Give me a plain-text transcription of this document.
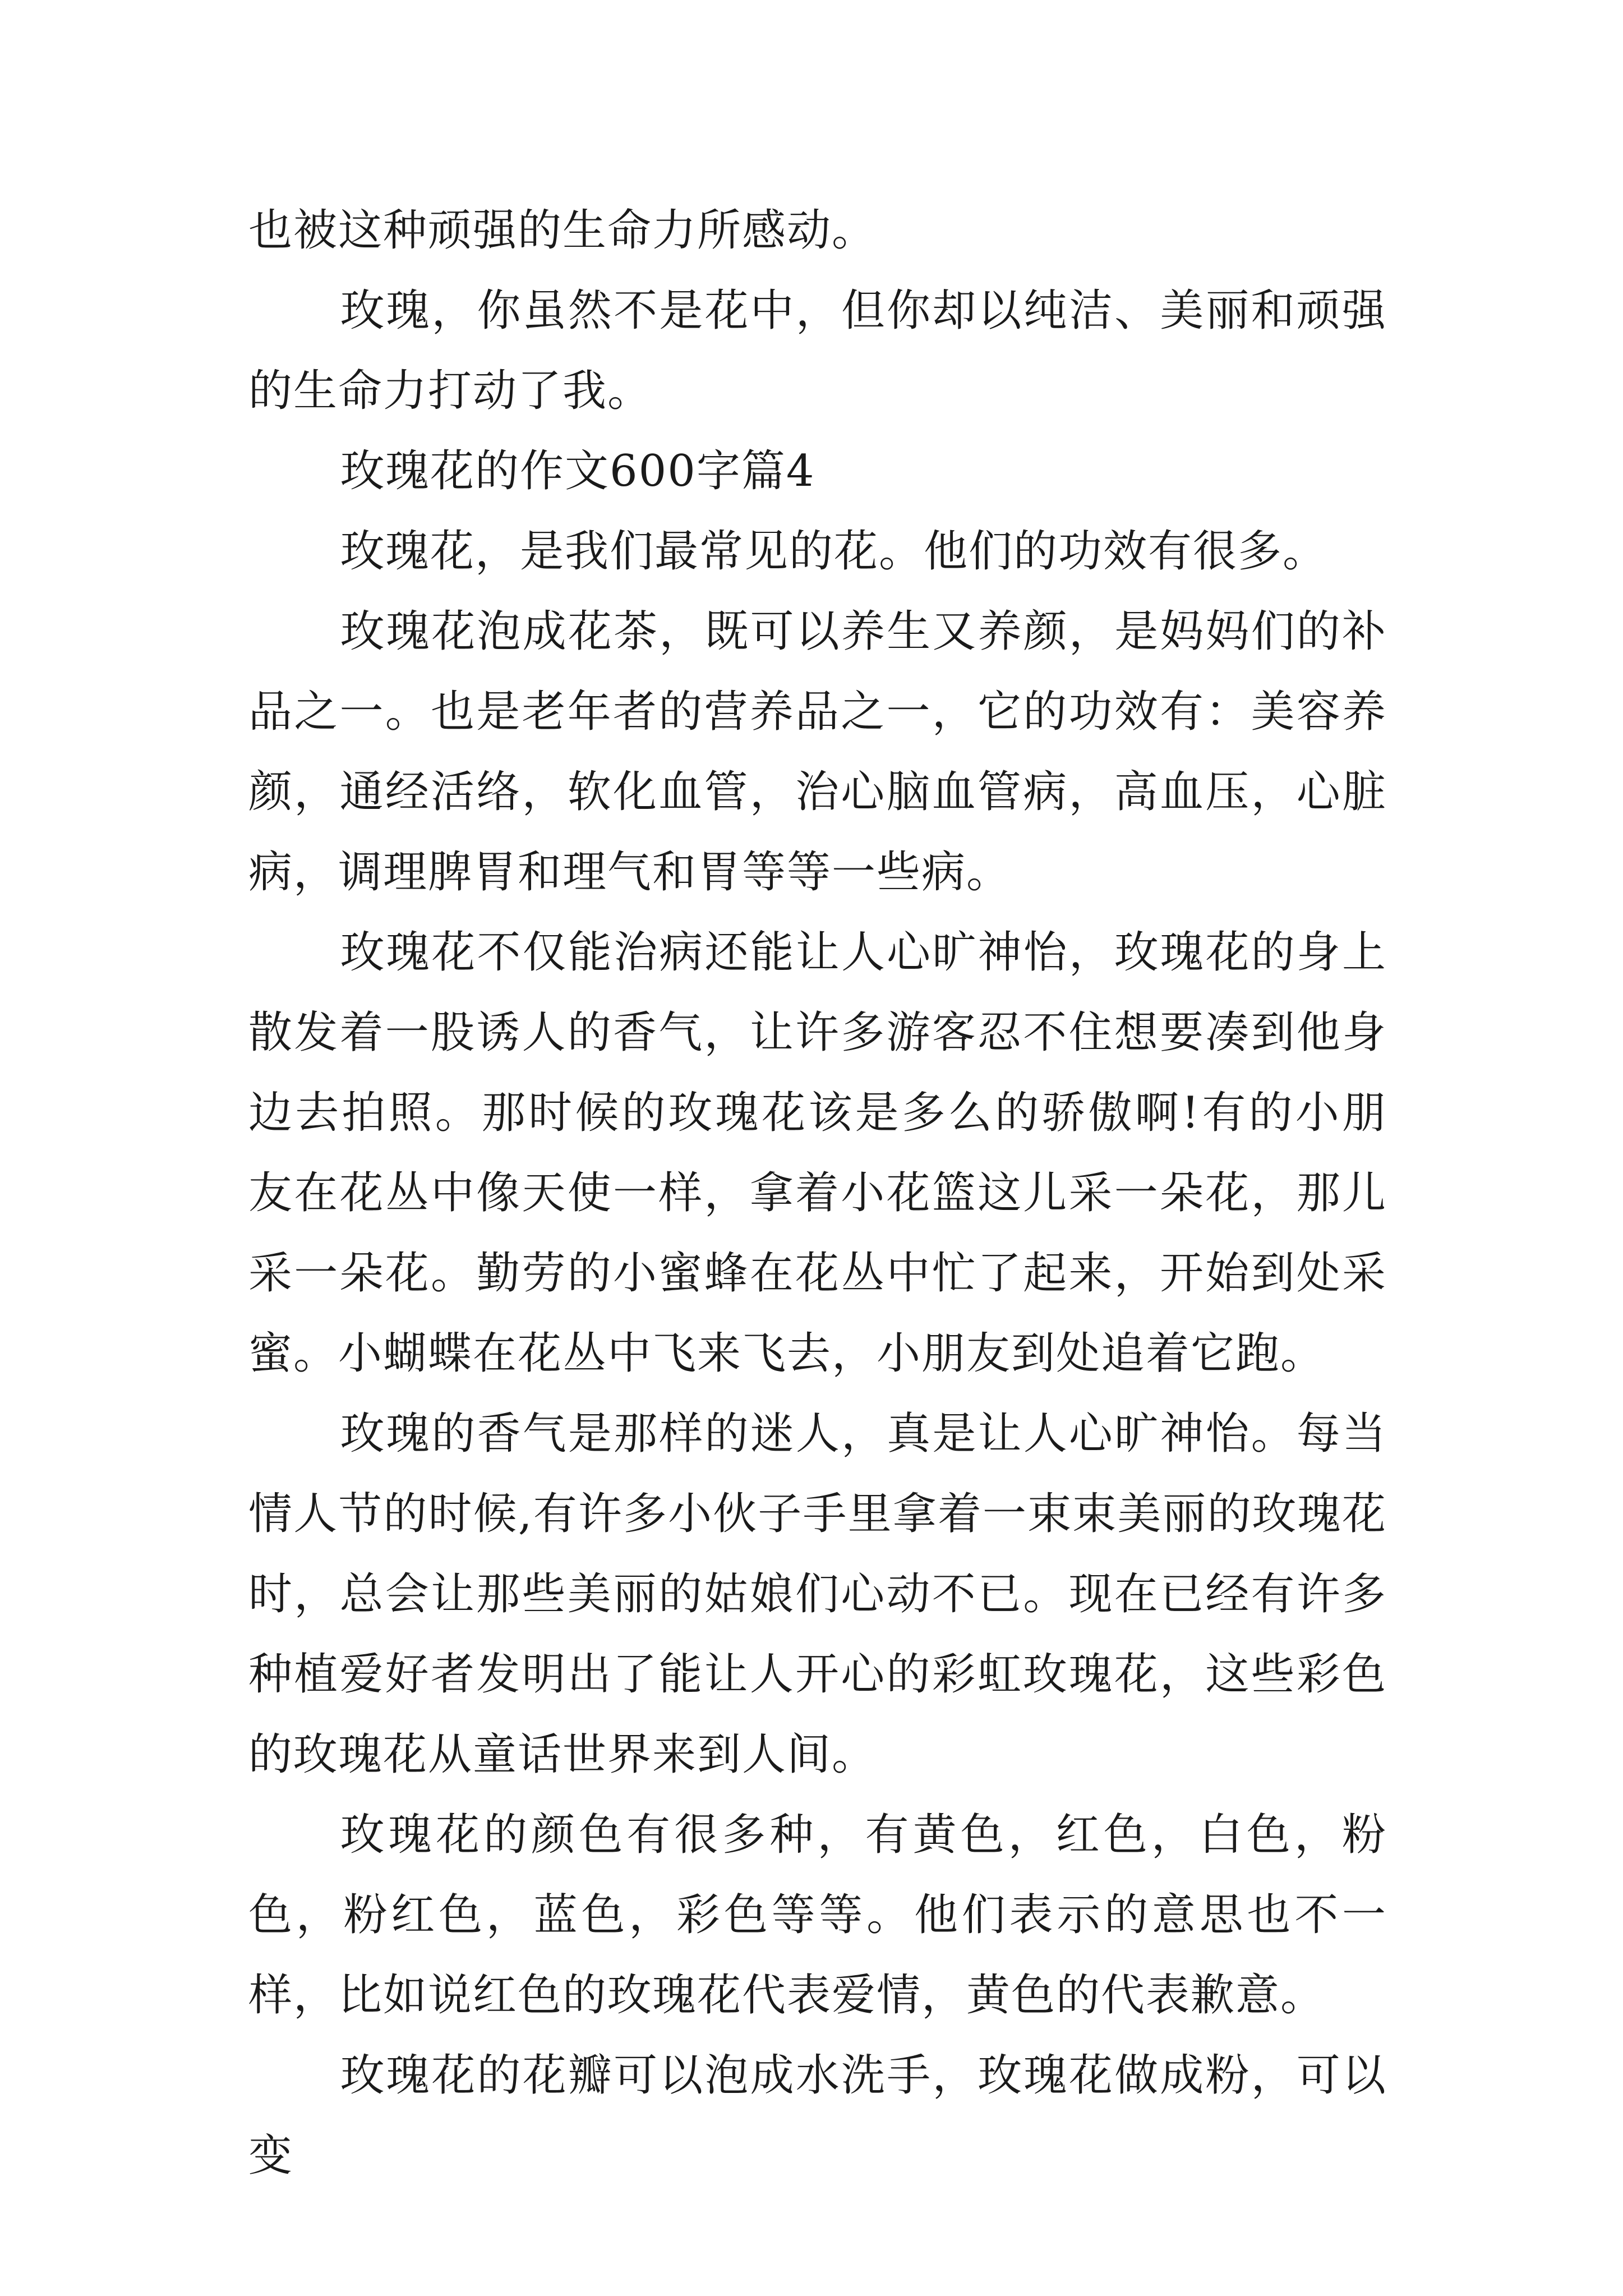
也被这种顽强的生命力所感动。

玫瑰，你虽然不是花中，但你却以纯洁、美丽和顽强的生命力打动了我。

玫瑰花的作文600字篇4

玫瑰花，是我们最常见的花。他们的功效有很多。

玫瑰花泡成花茶，既可以养生又养颜，是妈妈们的补品之一。也是老年者的营养品之一，它的功效有：美容养颜，通经活络，软化血管，治心脑血管病，高血压，心脏病，调理脾胃和理气和胃等等一些病。

玫瑰花不仅能治病还能让人心旷神怡，玫瑰花的身上散发着一股诱人的香气，让许多游客忍不住想要凑到他身边去拍照。那时候的玫瑰花该是多么的骄傲啊!有的小朋友在花丛中像天使一样，拿着小花篮这儿采一朵花，那儿采一朵花。勤劳的小蜜蜂在花丛中忙了起来，开始到处采蜜。小蝴蝶在花丛中飞来飞去，小朋友到处追着它跑。

玫瑰的香气是那样的迷人，真是让人心旷神怡。每当情人节的时候,有许多小伙子手里拿着一束束美丽的玫瑰花时，总会让那些美丽的姑娘们心动不已。现在已经有许多种植爱好者发明出了能让人开心的彩虹玫瑰花，这些彩色的玫瑰花从童话世界来到人间。

玫瑰花的颜色有很多种，有黄色，红色，白色，粉色，粉红色，蓝色，彩色等等。他们表示的意思也不一样，比如说红色的玫瑰花代表爱情，黄色的代表歉意。

玫瑰花的花瓣可以泡成水洗手，玫瑰花做成粉，可以变
